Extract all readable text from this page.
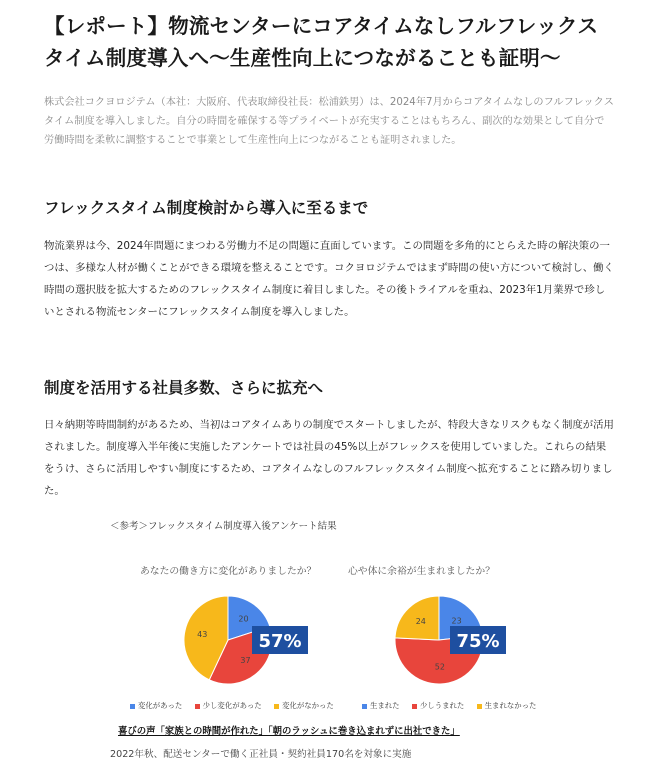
【レポート】物流センターにコアタイムなしフルフレックス
タイム制度導入へ〜生産性向上につながることも証明〜
株式会社コクヨロジテム（本社：大阪府、代表取締役社長：松浦鉄男）は、2024年7月からコアタイムなしのフルフレックスタイム制度を導入しました。自分の時間を確保する等プライベートが充実することはもちろん、副次的な効果として自分で労働時間を柔軟に調整することで事業として生産性向上につながることも証明されました。
フレックスタイム制度検討から導入に至るまで
物流業界は今、2024年問題にまつわる労働力不足の問題に直面しています。この問題を多角的にとらえた時の解決策の一つは、多様な人材が働くことができる環境を整えることです。コクヨロジテムではまず時間の使い方について検討し、働く時間の選択肢を拡大するためのフレックスタイム制度に着目しました。その後トライアルを重ね、2023年1月業界で珍しいとされる物流センターにフレックスタイム制度を導入しました。
制度を活用する社員多数、さらに拡充へ
日々納期等時間制約があるため、当初はコアタイムありの制度でスタートしましたが、特段大きなリスクもなく制度が活用されました。制度導入半年後に実施したアンケートでは社員の45%以上がフレックスを使用していました。これらの結果をうけ、さらに活用しやすい制度にするため、コアタイムなしのフルフレックスタイム制度へ拡充することに踏み切りました。
＜参考＞フレックスタイム制度導入後アンケート結果
あなたの働き方に変化がありましたか？	心や体に余裕が生まれましたか？
20
37
43	57%
23
52
24
75%
変化があった	少し変化があった	変化がなかった	生まれた	少しうまれた	生まれなかった
喜びの声「家族との時間が作れた」「朝のラッシュに巻き込まれずに出社できた」
2022年秋、配送センターで働く正社員・契約社員170名を対象に実施
